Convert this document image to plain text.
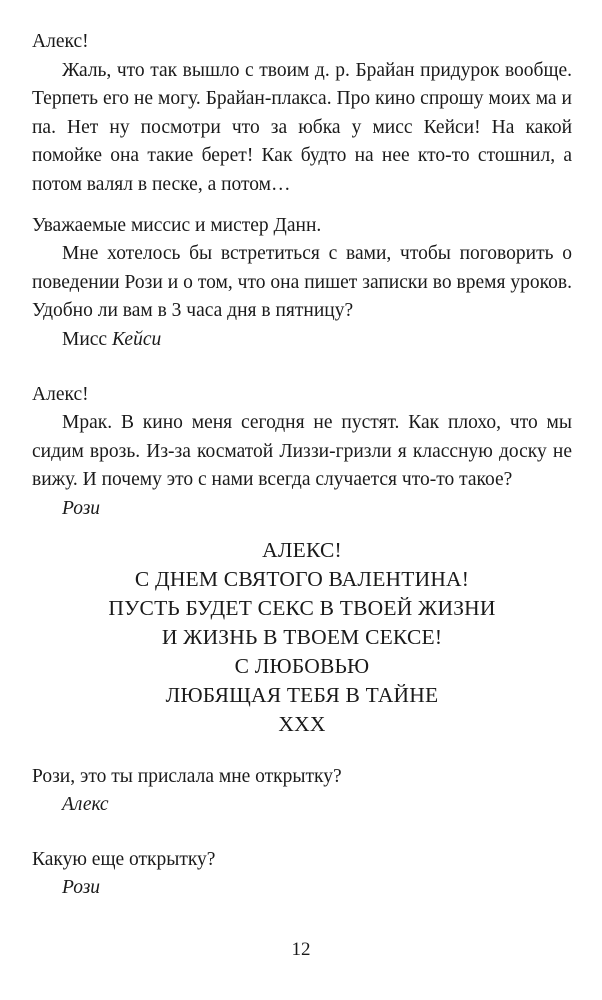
Алекс!

Жаль, что так вышло с твоим д. р. Брайан придурок вообще. Терпеть его не могу. Брайан-плакса. Про кино спрошу моих ма и па. Нет ну посмотри что за юбка у мисс Кейси! На какой помойке она такие берет! Как будто на нее кто-то стошнил, а потом валял в песке, а потом…

Уважаемые миссис и мистер Данн.

Мне хотелось бы встретиться с вами, чтобы поговорить о поведении Рози и о том, что она пишет записки во время уроков. Удобно ли вам в 3 часа дня в пятницу?

Мисс Кейси

Алекс!

Мрак. В кино меня сегодня не пустят. Как плохо, что мы сидим врозь. Из-за косматой Лиззи-гризли я классную доску не вижу. И почему это с нами всегда случается что-то такое?

Рози

АЛЕКС!
С ДНЕМ СВЯТОГО ВАЛЕНТИНА!
ПУСТЬ БУДЕТ СЕКС В ТВОЕЙ ЖИЗНИ
И ЖИЗНЬ В ТВОЕМ СЕКСЕ!
С ЛЮБОВЬЮ
ЛЮБЯЩАЯ ТЕБЯ В ТАЙНЕ
XXX

Рози, это ты прислала мне открытку?

Алекс

Какую еще открытку?

Рози

12
